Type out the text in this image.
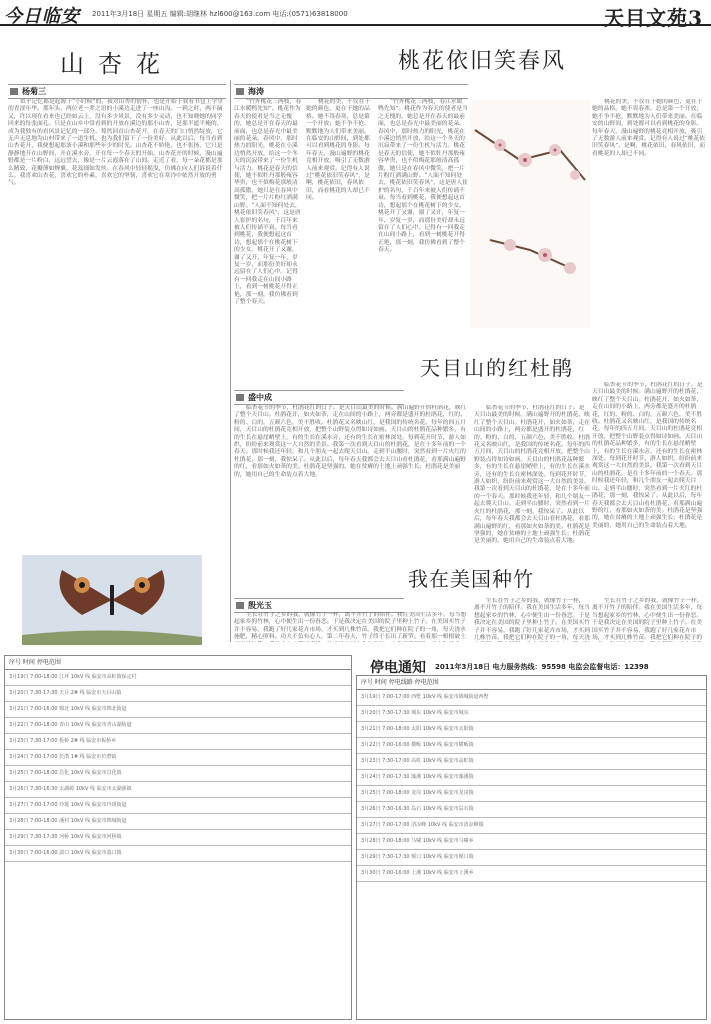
今日临安 2011年3月18日 星期五 编辑:胡继林 hzl600@163.com 电话:(0571)63818000	天目文苑3
山杏花
杨菊三
似乎记忆都是起源于“小时候”的。我对山杏的情怀，也是开始于我看书包上学堂的青涩年华。那年头，两位老一辈之语的小溪边走进了一座山沟。一到之时，两不摘又，许以现在看来也已经如云上，没有多少风景，没有多少灵动，也不知晓她的同学回来的每张面孔。只是在山乡中常看到的开放在溪边的那小山杏，是那半遮半掩的，成为我独有的看风景记忆的一部分。蓦然回首山杏花开，在春天的门口悄然绽放，它无声无息地为山村带来了一道生机，也为我们留下了一份美好。从此以后，每当看到山杏花开，我便想起那条小溪和那些年少的时光。山杏花不娇艳，也不张扬，它只是静静地开在山野间，开在溪水旁，开在每一个春天的开始。山杏花开的时候，漫山遍野都是一片粉白，远远望去，像是一片云霞落在了山间。走近了看，每一朵花都是那么精致，花瓣薄如蝉翼，花蕊细如发丝。在春风中轻轻摇曳，仿佛在向人们诉说着什么。我喜欢山杏花，喜欢它的朴素，喜欢它的坚韧，喜欢它在寒冷中依然开放的勇气。
桃花依旧笑春风
海涛
“竹外桃花三两枝，春江水暖鸭先知”。桃花作为春天的使者是当之无愧的，她总是开在春天的最前面，也总是春光中最美丽的花朵。春风中，那时热力的阳光，桃花在小溪边悄然开放，给这一个冬天的沉寂带来了一份生机与活力。桃花是春天的信使，她不似牡丹那般雍容华贵，也不似梅花那般清高孤傲，她只是在春风中微笑，把一片片粉红洒满山野。“人面不知何处去，桃花依旧笑春风”，这是唐人崔护的名句，千百年来被人们传诵不衰。每当看到桃花，我便想起这首诗，想起那个在桃花树下的少女。桃花开了又谢，谢了又开，年复一年，岁复一岁，而那份美好却永远留在了人们心中。记得有一回我走在山间小路上，看到一树桃花开得正艳，那一刻，我仿佛看到了整个春天。
桃花的美，不仅在于她的颜色，更在于她的品格。她不畏春寒，总是第一个开放；她不争不抢，默默地为人们带来美丽。在临安的山野间，到处都可以看到桃花的身影。每年春天，漫山遍野的桃花竞相开放，吸引了无数游人前来观赏。记得有人说过“桃花依旧笑春风”，是啊，桃花依旧，春风依旧，而看桃花的人却已不同。
“竹外桃花三两枝，春江水暖鸭先知”。桃花作为春天的使者是当之无愧的，她总是开在春天的最前面，也总是春光中最美丽的花朵。春风中，那时热力的阳光，桃花在小溪边悄然开放，给这一个冬天的沉寂带来了一份生机与活力。桃花是春天的信使，她不似牡丹那般雍容华贵，也不似梅花那般清高孤傲，她只是在春风中微笑，把一片片粉红洒满山野。“人面不知何处去，桃花依旧笑春风”，这是唐人崔护的名句，千百年来被人们传诵不衰。每当看到桃花，我便想起这首诗，想起那个在桃花树下的少女。桃花开了又谢，谢了又开，年复一年，岁复一岁，而那份美好却永远留在了人们心中。记得有一回我走在山间小路上，看到一树桃花开得正艳，那一刻，我仿佛看到了整个春天。
桃花的美，不仅在于她的颜色，更在于她的品格。她不畏春寒，总是第一个开放；她不争不抢，默默地为人们带来美丽。在临安的山野间，到处都可以看到桃花的身影。每年春天，漫山遍野的桃花竞相开放，吸引了无数游人前来观赏。记得有人说过“桃花依旧笑春风”，是啊，桃花依旧，春风依旧，而看桃花的人却已不同。
天目山的红杜鹃
盛中成
临杏花节的季节，杜鹃花红的日子。是天目山最美的时候。满山遍野开的杜鹃花，映红了整个天目山。杜鹃花开，如火如荼，走在山间的小路上，两旁都是盛开的杜鹃花，红的、粉的、白的，五颜六色，美不胜收。杜鹃花又名映山红，是我国的传统名花。每年的四五月间，天目山的杜鹃花竞相开放，把整个山野装点得如诗如画。天目山的杜鹃花品种繁多，有的生长在悬崖峭壁上，有的生长在溪水旁，还有的生长在密林深处。每到花开时节，游人如织，纷纷前来观赏这一大自然的美景。我第一次看到天目山的杜鹃花，是在十多年前的一个春天。那时候我还年轻，和几个朋友一起去爬天目山。走到半山腰时，突然看到一片火红的杜鹃花，那一刻，我惊呆了。从此以后，每年春天我都会去天目山看杜鹃花，看那满山遍野的红，看那如火如荼的美。杜鹃花是坚强的，她在贫瘠的土地上顽强生长；杜鹃花是美丽的，她用自己的生命装点着大地。
临杏花节的季节，杜鹃花红的日子。是天目山最美的时候。满山遍野开的杜鹃花，映红了整个天目山。杜鹃花开，如火如荼，走在山间的小路上，两旁都是盛开的杜鹃花，红的、粉的、白的，五颜六色，美不胜收。杜鹃花又名映山红，是我国的传统名花。每年的四五月间，天目山的杜鹃花竞相开放，把整个山野装点得如诗如画。天目山的杜鹃花品种繁多，有的生长在悬崖峭壁上，有的生长在溪水旁，还有的生长在密林深处。每到花开时节，游人如织，纷纷前来观赏这一大自然的美景。我第一次看到天目山的杜鹃花，是在十多年前的一个春天。那时候我还年轻，和几个朋友一起去爬天目山。走到半山腰时，突然看到一片火红的杜鹃花，那一刻，我惊呆了。从此以后，每年春天我都会去天目山看杜鹃花，看那满山遍野的红，看那如火如荼的美。杜鹃花是坚强的，她在贫瘠的土地上顽强生长；杜鹃花是美丽的，她用自己的生命装点着大地。
临杏花节的季节，杜鹃花红的日子。是天目山最美的时候。满山遍野开的杜鹃花，映红了整个天目山。杜鹃花开，如火如荼，走在山间的小路上，两旁都是盛开的杜鹃花，红的、粉的、白的，五颜六色，美不胜收。杜鹃花又名映山红，是我国的传统名花。每年的四五月间，天目山的杜鹃花竞相开放，把整个山野装点得如诗如画。天目山的杜鹃花品种繁多，有的生长在悬崖峭壁上，有的生长在溪水旁，还有的生长在密林深处。每到花开时节，游人如织，纷纷前来观赏这一大自然的美景。我第一次看到天目山的杜鹃花，是在十多年前的一个春天。那时候我还年轻，和几个朋友一起去爬天目山。走到半山腰时，突然看到一片火红的杜鹃花，那一刻，我惊呆了。从此以后，每年春天我都会去天目山看杜鹃花，看那满山遍野的红，看那如火如荼的美。杜鹃花是坚强的，她在贫瘠的土地上顽强生长；杜鹃花是美丽的，她用自己的生命装点着大地。
我在美国种竹
殷光玉
生长在竹子之乡的我，就像竹子一样，离不开竹子的陪伴。我在美国生活多年，每当想起家乡的竹林，心中便生出一份眷恋。于是我决定在美国的院子里种上竹子。在美国买竹子并不容易，我跑了好几家花卉市场，才买到几株竹苗。我把它们种在院子的一角，每天浇水施肥，精心照料。功夫不负有心人，第二年春天，竹子终于长出了新笋。看着那一根根破土
生长在竹子之乡的我，就像竹子一样，离不开竹子的陪伴。我在美国生活多年，每当想起家乡的竹林，心中便生出一份眷恋。于是我决定在美国的院子里种上竹子。在美国买竹子并不容易，我跑了好几家花卉市场，才买到几株竹苗。我把它们种在院子的一角，每天浇
生长在竹子之乡的我，就像竹子一样，离不开竹子的陪伴。我在美国生活多年，每当想起家乡的竹林，心中便生出一份眷恋。于是我决定在美国的院子里种上竹子。在美国买竹子并不容易，我跑了好几家花卉市场，才买到几株竹苗。我把它们种在院子的
序号 时间 停电范围
3月19日 7:00-18:00 江坪 10kV 线 临安市高虹镇保定村
3月20日 7:30-17:30 天目 2# 线 临安市天目山镇
3月21日 7:00-16:00 锦北 10kV 线 临安市锦北街道
3月22日 7:00-18:00 青山 10kV 线 临安市青山湖街道
3月23日 7:30-17:00 板桥 2# 线 临安市板桥乡
3月24日 7:00-17:00 於潜 1# 线 临安市於潜镇
3月25日 7:00-18:00 昌化 10kV 线 临安市昌化镇
3月26日 7:30-16:30 太湖源 10kV 线 临安市太湖源镇
3月27日 7:00-17:00 玲珑 10kV 线 临安市玲珑街道
3月28日 7:00-18:00 潘村 10kV 线 临安市锦城街道
3月29日 7:30-17:30 河桥 10kV 线 临安市河桥镇
3月30日 7:00-16:00 湍口 10kV 线 临安市湍口镇
停电通知 2011年3月18日 电力服务热线：95598 电监会监督电话：12398
序号 时间 停电线路 停电范围
3月19日 7:00-17:00 西墅 10kV 线 临安市锦城街道西墅
3月20日 7:30-17:30 城东 10kV 线 临安市城东
3月21日 7:00-18:00 太阳 10kV 线 临安市太阳镇
3月22日 7:00-16:00 横畈 10kV 线 临安市横畈镇
3月23日 7:30-17:00 高虹 10kV 线 临安市高虹镇
3月24日 7:00-17:30 藻溪 10kV 线 临安市藻溪镇
3月25日 7:00-18:00 龙岗 10kV 线 临安市龙岗镇
3月26日 7:30-16:30 岛石 10kV 线 临安市岛石镇
3月27日 7:00-17:00 清凉峰 10kV 线 临安市清凉峰镇
3月28日 7:00-18:00 马啸 10kV 线 临安市马啸乡
3月29日 7:30-17:30 颊口 10kV 线 临安市颊口镇
3月30日 7:00-16:00 上溪 10kV 线 临安市上溪乡
